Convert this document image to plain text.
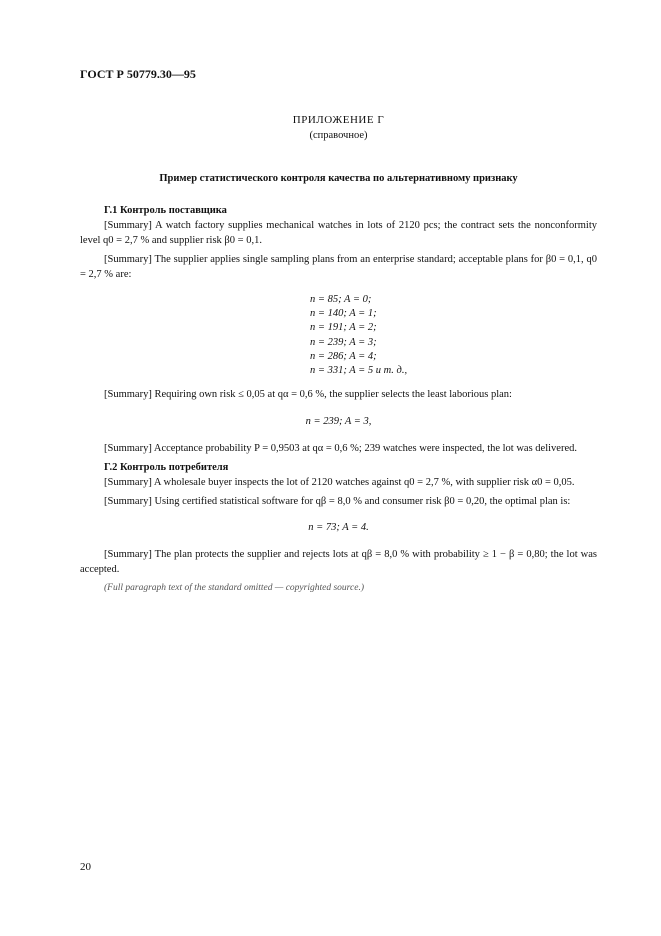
ГОСТ Р 50779.30—95

ПРИЛОЖЕНИЕ Г

(справочное)

Пример статистического контроля качества по альтернативному признаку

Г.1 Контроль поставщика

[Summary] A watch factory supplies mechanical watches in lots of 2120 pcs; the contract sets the nonconformity level q0 = 2,7 % and supplier risk β0 = 0,1.

[Summary] The supplier applies single sampling plans from an enterprise standard; acceptable plans for β0 = 0,1, q0 = 2,7 % are:

n = 85; A = 0;
n = 140; A = 1;
n = 191; A = 2;
n = 239; A = 3;
n = 286; A = 4;
n = 331; A = 5 и т. д.,

[Summary] Requiring own risk ≤ 0,05 at qα = 0,6 %, the supplier selects the least laborious plan:

n = 239; A = 3,

[Summary] Acceptance probability P = 0,9503 at qα = 0,6 %; 239 watches were inspected, the lot was delivered.

Г.2 Контроль потребителя

[Summary] A wholesale buyer inspects the lot of 2120 watches against q0 = 2,7 %, with supplier risk α0 = 0,05.

[Summary] Using certified statistical software for qβ = 8,0 % and consumer risk β0 = 0,20, the optimal plan is:

n = 73; A = 4.

[Summary] The plan protects the supplier and rejects lots at qβ = 8,0 % with probability ≥ 1 − β = 0,80; the lot was accepted.

(Full paragraph text of the standard omitted — copyrighted source.)

20
